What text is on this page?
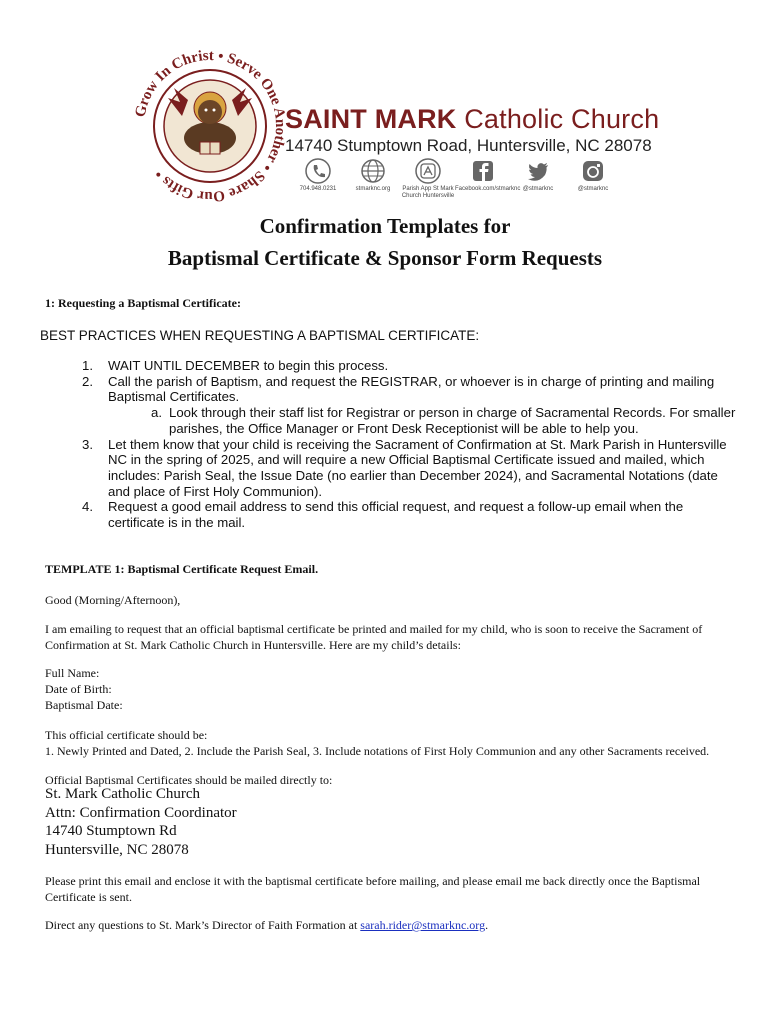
Grow In Christ • Serve One Another • Share Our Gifts •
SAINT MARK Catholic Church
14740 Stumptown Road, Huntersville, NC 28078
704.948.0231	stmarknc.org	Parish App St Mark Church Huntersville
Facebook.com/stmarknc @stmarknc	@stmarknc
Confirmation Templates for
Baptismal Certificate & Sponsor Form Requests
1: Requesting a Baptismal Certificate:
BEST PRACTICES WHEN REQUESTING A BAPTISMAL CERTIFICATE:
1. WAIT UNTIL DECEMBER to begin this process.
2. Call the parish of Baptism, and request the REGISTRAR, or whoever is in charge of printing and mailing Baptismal Certificates.
a. Look through their staff list for Registrar or person in charge of Sacramental Records. For smaller parishes, the Office Manager or Front Desk Receptionist will be able to help you.
3. Let them know that your child is receiving the Sacrament of Confirmation at St. Mark Parish in Huntersville NC in the spring of 2025, and will require a new Official Baptismal Certificate issued and mailed, which includes: Parish Seal, the Issue Date (no earlier than December 2024), and Sacramental Notations (date and place of First Holy Communion).
4. Request a good email address to send this official request, and request a follow-up email when the certificate is in the mail.
TEMPLATE 1: Baptismal Certificate Request Email.
Good (Morning/Afternoon),
I am emailing to request that an official baptismal certificate be printed and mailed for my child, who is soon to receive the Sacrament of Confirmation at St. Mark Catholic Church in Huntersville. Here are my child’s details:
Full Name:
Date of Birth:
Baptismal Date:
This official certificate should be:
1. Newly Printed and Dated, 2. Include the Parish Seal, 3. Include notations of First Holy Communion and any other Sacraments received.
Official Baptismal Certificates should be mailed directly to:
St. Mark Catholic Church
Attn: Confirmation Coordinator
14740 Stumptown Rd
Huntersville, NC 28078
Please print this email and enclose it with the baptismal certificate before mailing, and please email me back directly once the Baptismal Certificate is sent.
Direct any questions to St. Mark’s Director of Faith Formation at sarah.rider@stmarknc.org.
